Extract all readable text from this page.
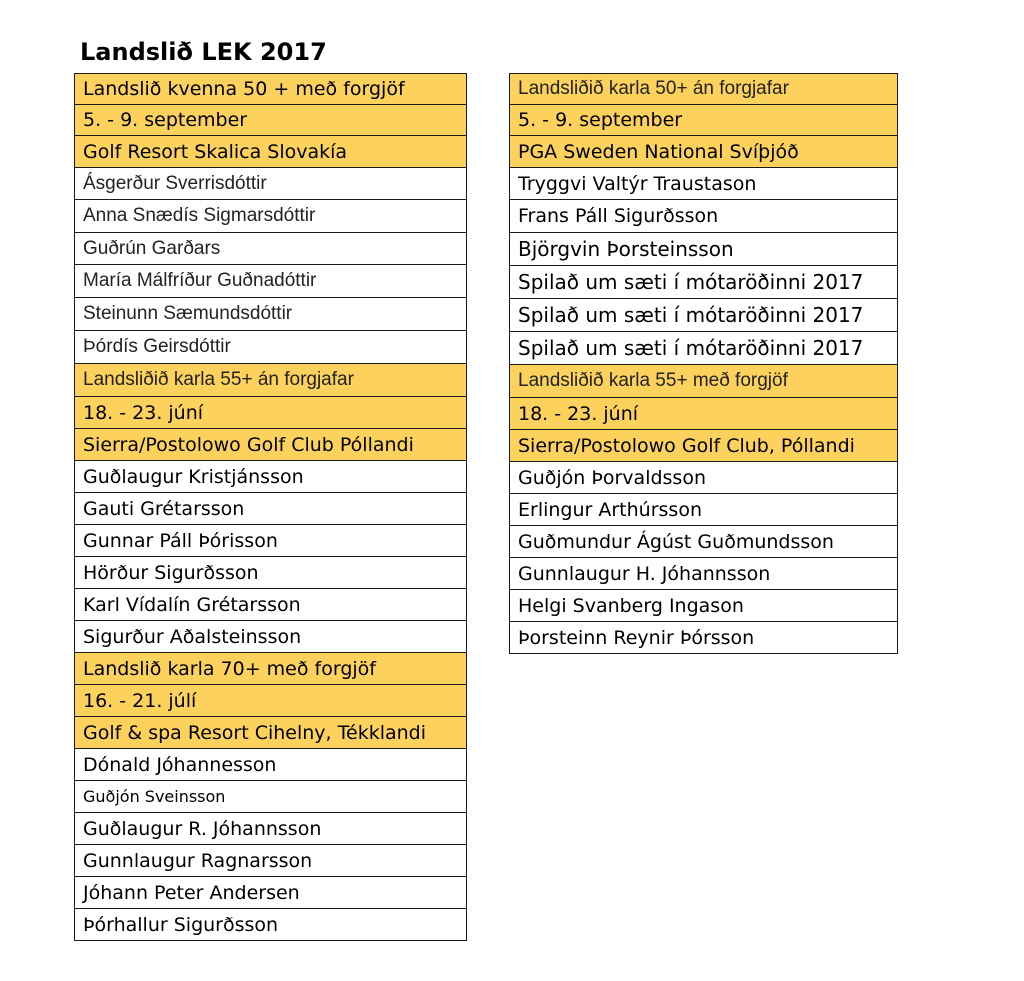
Landslið LEK 2017
Landslið kvenna 50 + með forgjöf
5. - 9. september
Golf Resort Skalica Slovakía
Ásgerður Sverrisdóttir
Anna Snædís Sigmarsdóttir
Guðrún Garðars
María Málfríður Guðnadóttir
Steinunn Sæmundsdóttir
Þórdís Geirsdóttir
Landsliðið karla 55+ án forgjafar
18. - 23. júní
Sierra/Postolowo Golf Club Póllandi
Guðlaugur Kristjánsson
Gauti Grétarsson
Gunnar Páll Þórisson
Hörður Sigurðsson
Karl Vídalín Grétarsson
Sigurður Aðalsteinsson
Landslið karla 70+ með forgjöf
16. - 21. júlí
Golf & spa Resort Cihelny, Tékklandi
Dónald Jóhannesson
Guðjón Sveinsson
Guðlaugur R. Jóhannsson
Gunnlaugur Ragnarsson
Jóhann Peter Andersen
Þórhallur Sigurðsson
Landsliðið karla 50+ án forgjafar
5. - 9. september
PGA Sweden National Svíþjóð
Tryggvi Valtýr Traustason
Frans Páll Sigurðsson
Björgvin Þorsteinsson
Spilað um sæti í mótaröðinni 2017
Spilað um sæti í mótaröðinni 2017
Spilað um sæti í mótaröðinni 2017
Landsliðið karla 55+ með forgjöf
18. - 23. júní
Sierra/Postolowo Golf Club, Póllandi
Guðjón Þorvaldsson
Erlingur Arthúrsson
Guðmundur Ágúst Guðmundsson
Gunnlaugur H. Jóhannsson
Helgi Svanberg Ingason
Þorsteinn Reynir Þórsson
